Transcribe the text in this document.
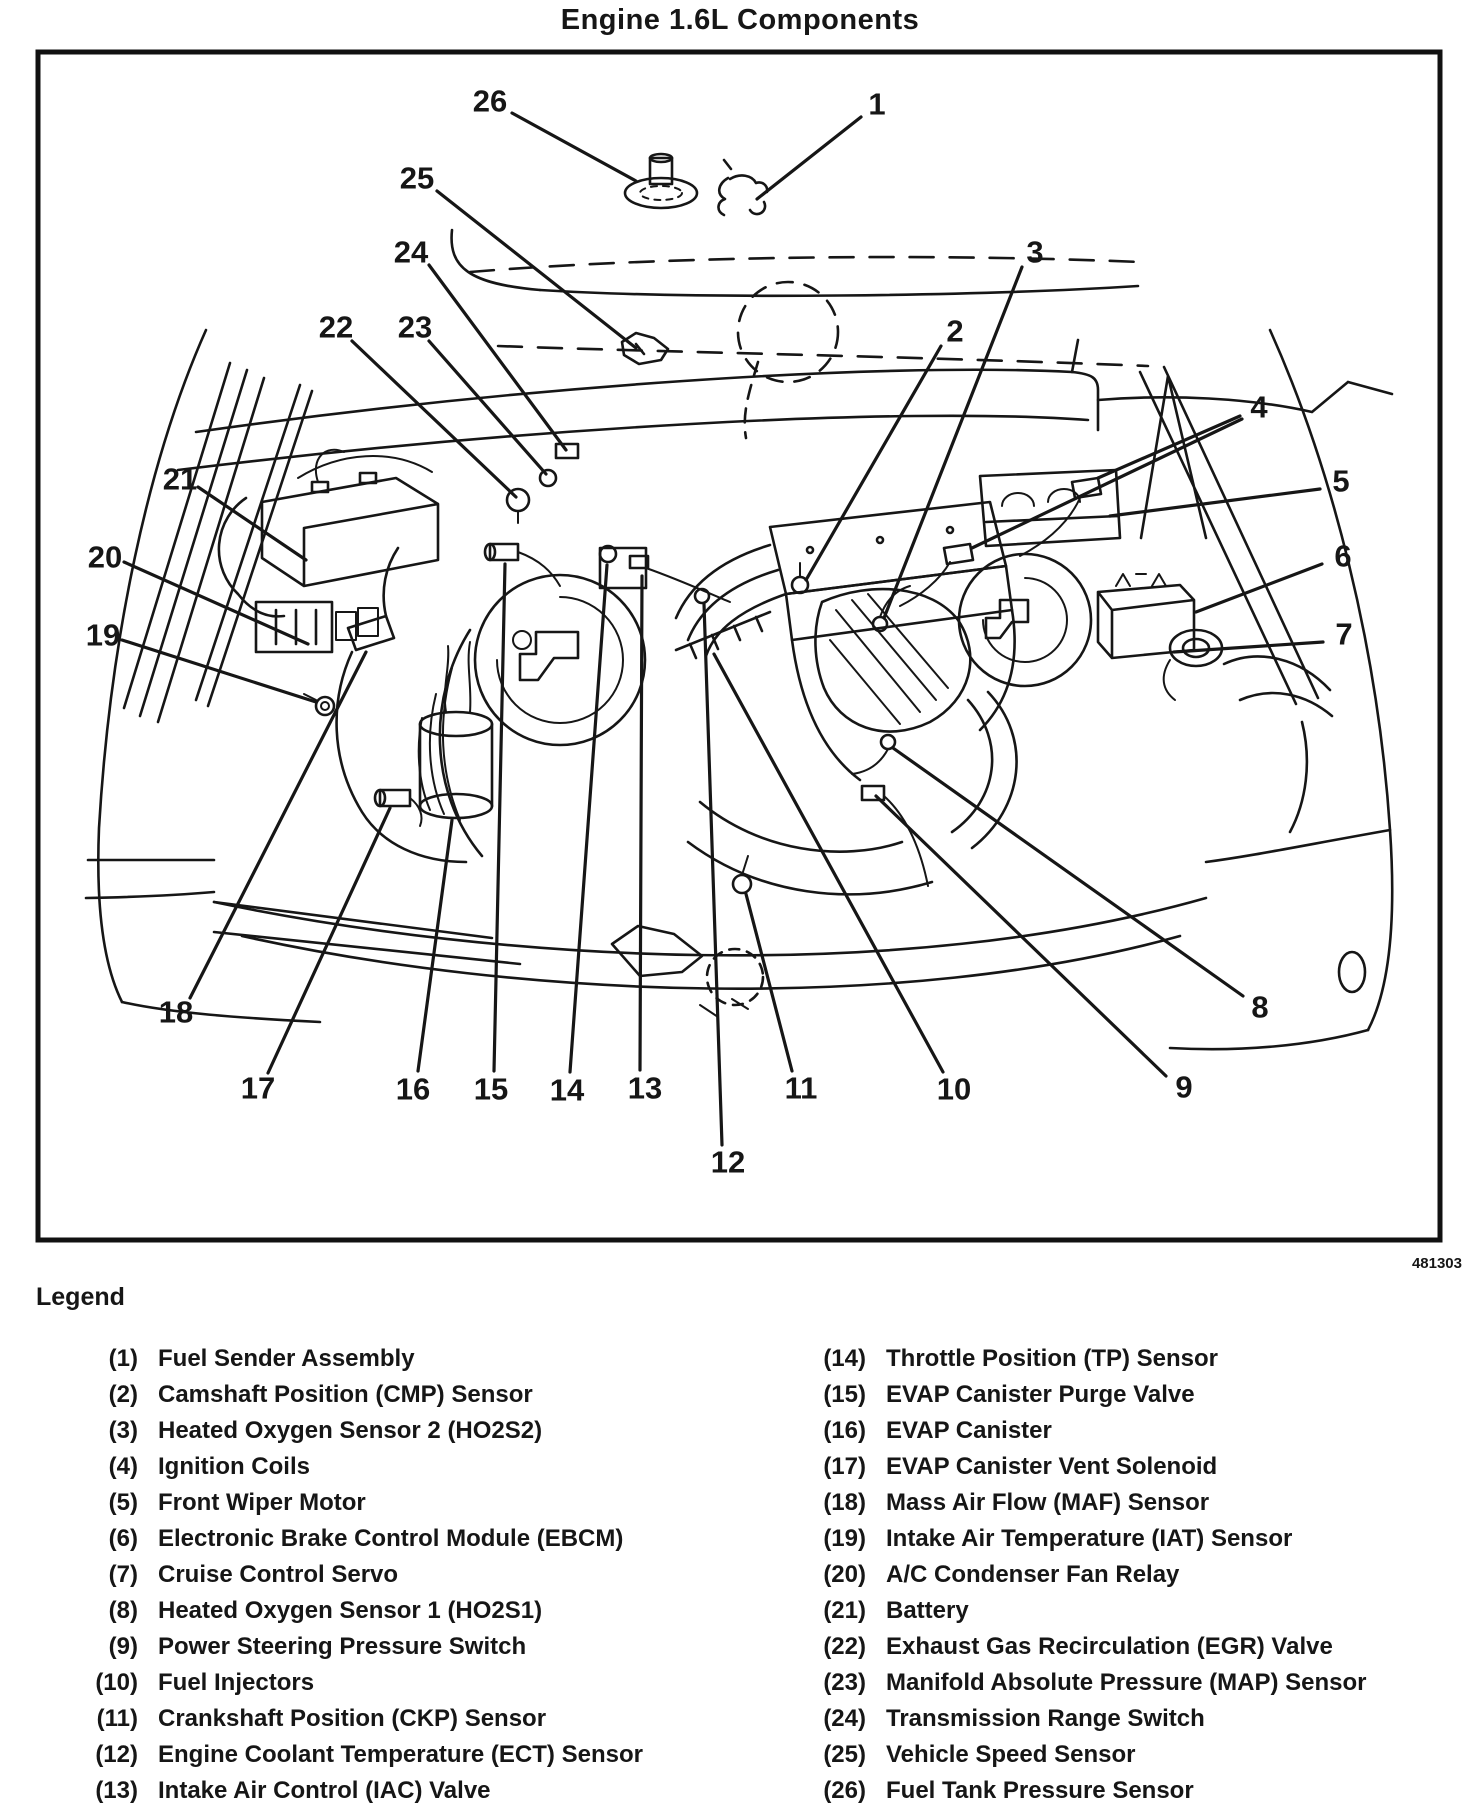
Engine 1.6L Components
1
2
3
4
5
6
7
8
9
10
11
12
13
14
15
16
17
18
19
20
21
22 23
24
25
26
481303
Legend
(1) Fuel Sender Assembly
(2) Camshaft Position (CMP) Sensor
(3) Heated Oxygen Sensor 2 (HO2S2)
(4) Ignition Coils
(5) Front Wiper Motor
(6) Electronic Brake Control Module (EBCM)
(7) Cruise Control Servo
(8) Heated Oxygen Sensor 1 (HO2S1)
(9) Power Steering Pressure Switch
(10) Fuel Injectors
(11) Crankshaft Position (CKP) Sensor
(12) Engine Coolant Temperature (ECT) Sensor
(13) Intake Air Control (IAC) Valve
(14) Throttle Position (TP) Sensor
(15) EVAP Canister Purge Valve
(16) EVAP Canister
(17) EVAP Canister Vent Solenoid
(18) Mass Air Flow (MAF) Sensor
(19) Intake Air Temperature (IAT) Sensor
(20) A/C Condenser Fan Relay
(21) Battery
(22) Exhaust Gas Recirculation (EGR) Valve
(23) Manifold Absolute Pressure (MAP) Sensor
(24) Transmission Range Switch
(25) Vehicle Speed Sensor
(26) Fuel Tank Pressure Sensor
